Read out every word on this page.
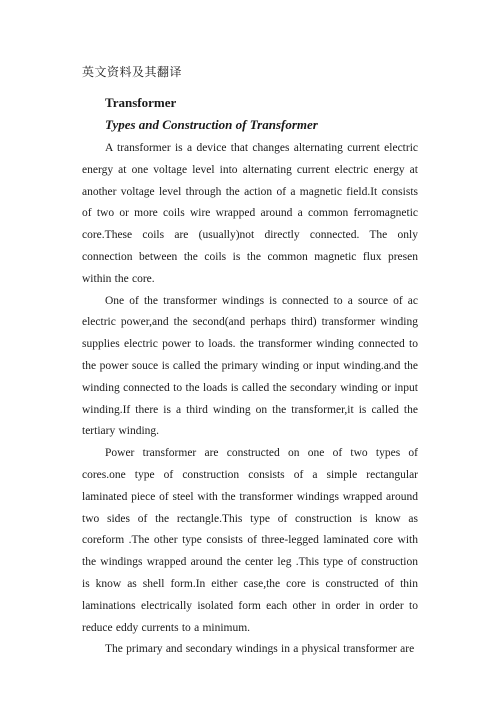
英文资料及其翻译
Transformer
Types and Construction of Transformer

A transformer is a device that changes alternating current electric energy at one voltage level into alternating current electric energy at another voltage level through the action of a magnetic field.It consists of two or more coils wire wrapped around a common ferromagnetic core.These coils are (usually)not directly connected. The only connection between the coils is the common magnetic flux presen within the core.

One of the transformer windings is connected to a source of ac electric power,and the second(and perhaps third) transformer winding supplies electric power to loads. the transformer winding connected to the power souce is called the primary winding or input winding.and the winding connected to the loads is called the secondary winding or input winding.If there is a third winding on the transformer,it is called the tertiary winding.

Power transformer are constructed on one of two types of cores.one type of construction consists of a simple rectangular laminated piece of steel with the transformer windings wrapped around two sides of the rectangle.This type of construction is know as coreform .The other type consists of three-legged laminated core with the windings wrapped around the center leg .This type of construction is know as shell form.In either case,the core is constructed of thin laminations electrically isolated form each other in order in order to reduce eddy currents to a minimum.

The primary and secondary windings in a physical transformer are
